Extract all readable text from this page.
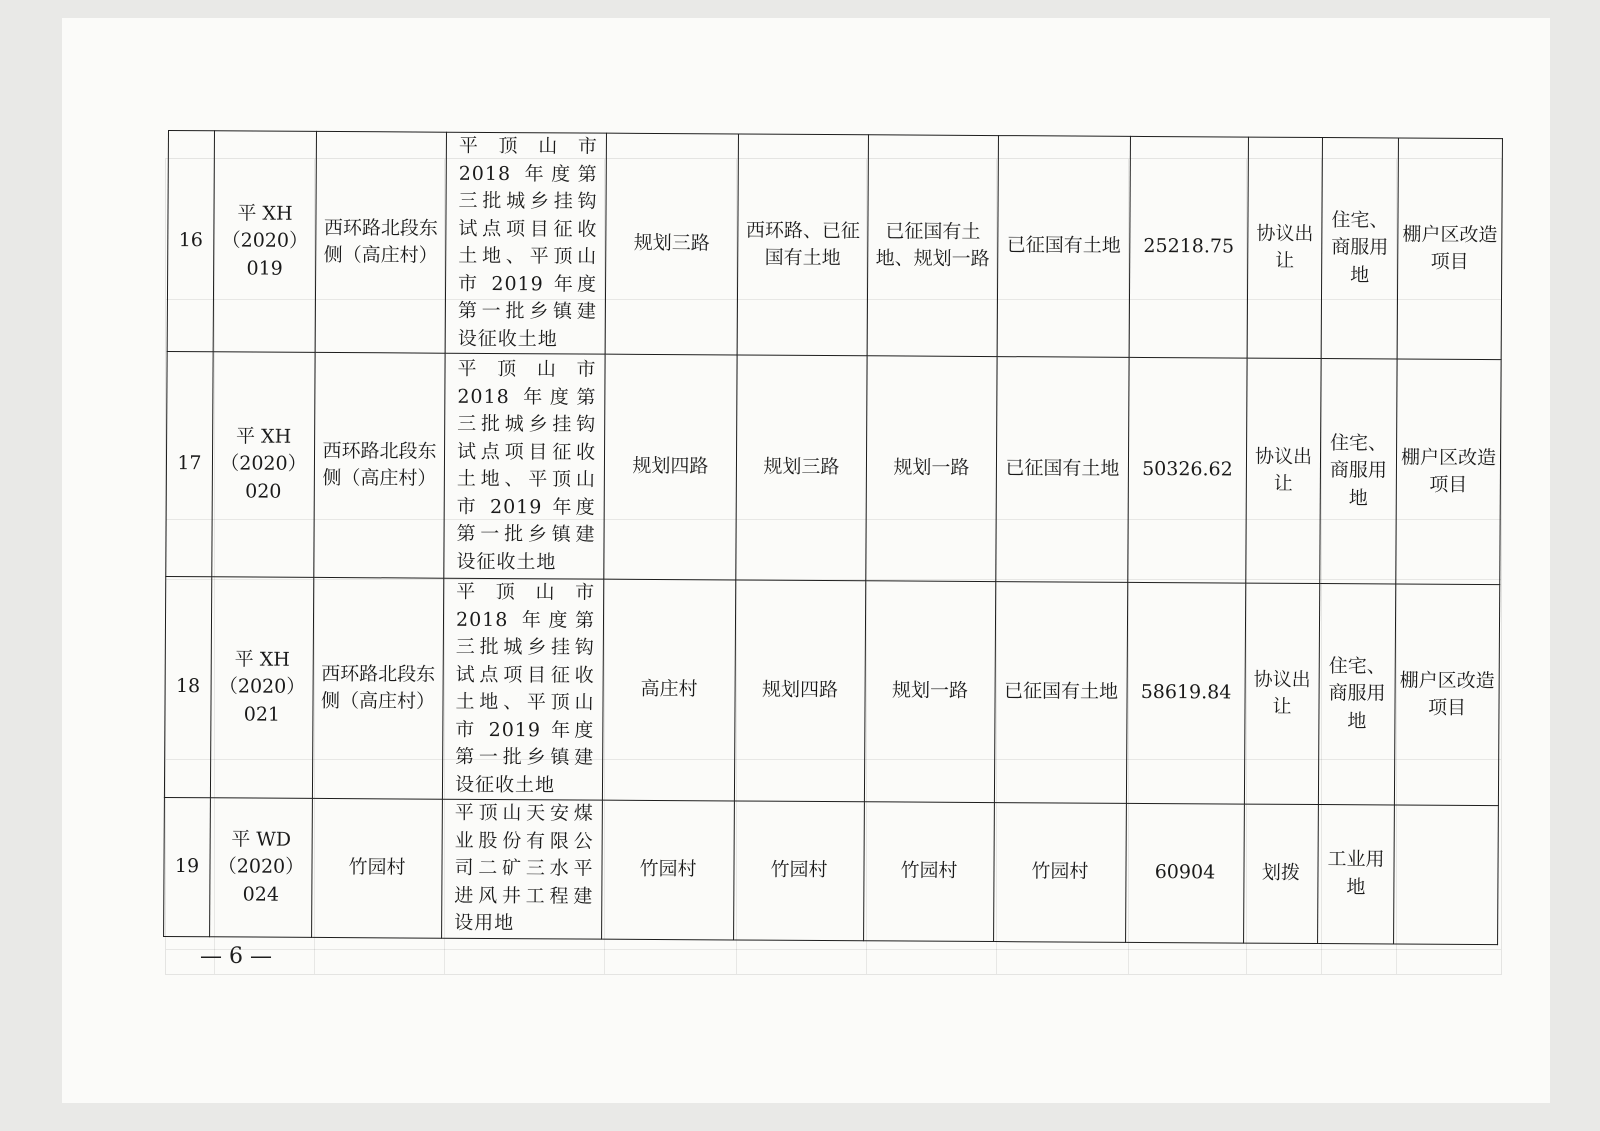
16	平 XH
（2020）
019	西环路北段东侧（高庄村）	平顶山市 2018 年度第三批城乡挂钩试点项目征收土地、平顶山市 2019 年度第一批乡镇建设征收土地	规划三路	西环路、已征国有土地	已征国有土地、规划一路	已征国有土地	25218.75	协议出让	住宅、商服用地	棚户区改造项目
17	平 XH
（2020）
020	西环路北段东侧（高庄村）	平顶山市 2018 年度第三批城乡挂钩试点项目征收土地、平顶山市 2019 年度第一批乡镇建设征收土地	规划四路	规划三路	规划一路	已征国有土地	50326.62	协议出让	住宅、商服用地	棚户区改造项目
18	平 XH
（2020）
021	西环路北段东侧（高庄村）	平顶山市 2018 年度第三批城乡挂钩试点项目征收土地、平顶山市 2019 年度第一批乡镇建设征收土地	高庄村	规划四路	规划一路	已征国有土地	58619.84	协议出让	住宅、商服用地	棚户区改造项目
19	平 WD
（2020）
024	竹园村	平顶山天安煤业股份有限公司二矿三水平进风井工程建设用地	竹园村	竹园村	竹园村	竹园村	60904	划拨	工业用地	
— 6 —
